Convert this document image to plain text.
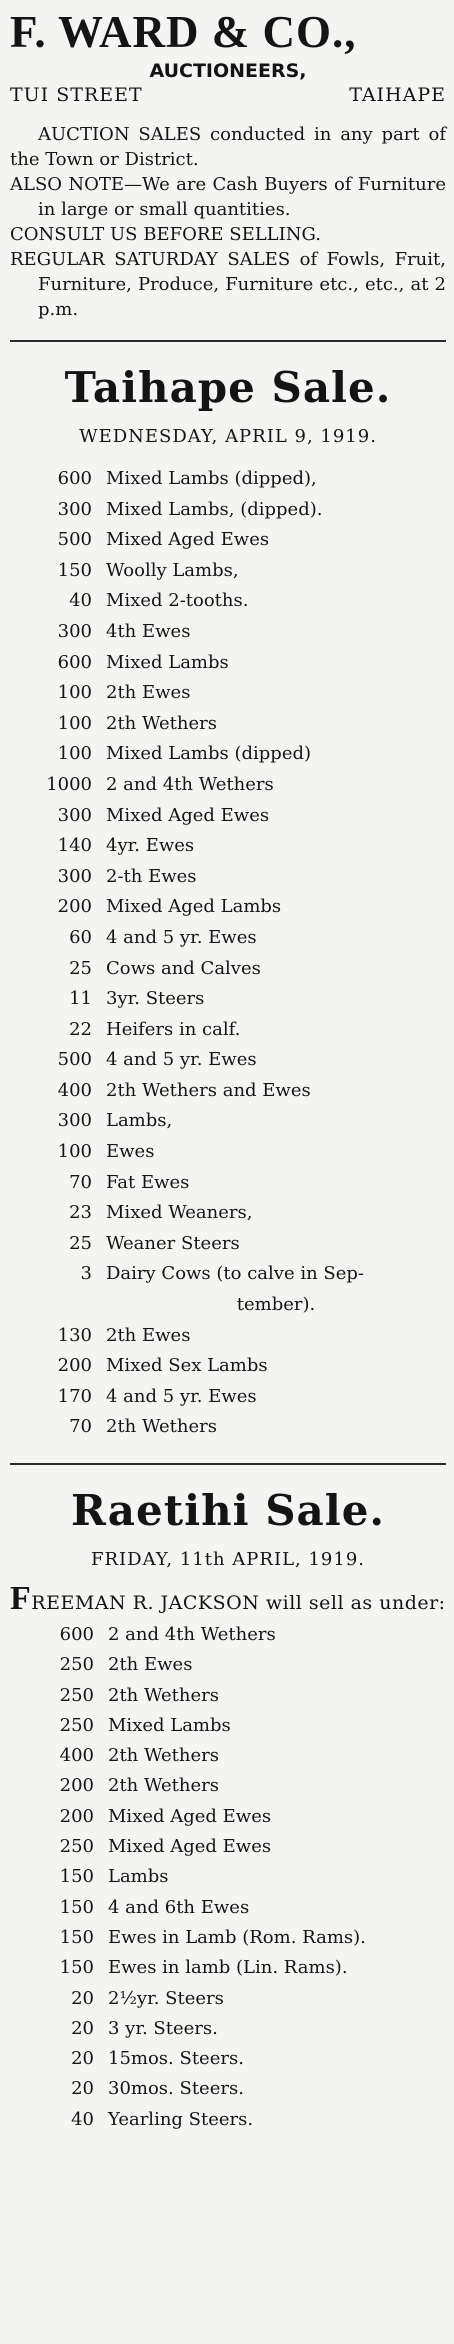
F. WARD & CO.,
AUCTIONEERS,
TUI STREET	TAIHAPE

AUCTION SALES conducted in any part of the Town or District.

ALSO NOTE—We are Cash Buyers of Furniture in large or small quantities.

CONSULT US BEFORE SELLING.

REGULAR SATURDAY SALES of Fowls, Fruit, Furniture, Produce, Furniture etc., etc., at 2 p.m.

Taihape Sale.
WEDNESDAY, APRIL 9, 1919.
600 Mixed Lambs (dipped),
300 Mixed Lambs, (dipped).
500 Mixed Aged Ewes
150 Woolly Lambs,
40 Mixed 2-tooths.
300 4th Ewes
600 Mixed Lambs
100 2th Ewes
100 2th Wethers
100 Mixed Lambs (dipped)
1000 2 and 4th Wethers
300 Mixed Aged Ewes
140 4yr. Ewes
300 2-th Ewes
200 Mixed Aged Lambs
60 4 and 5 yr. Ewes
25 Cows and Calves
11 3yr. Steers
22 Heifers in calf.
500 4 and 5 yr. Ewes
400 2th Wethers and Ewes
300 Lambs,
100 Ewes
70 Fat Ewes
23 Mixed Weaners,
25 Weaner Steers
3 Dairy Cows (to calve in Sep-
tember).
130 2th Ewes
200 Mixed Sex Lambs
170 4 and 5 yr. Ewes
70 2th Wethers
Raetihi Sale.
FRIDAY, 11th APRIL, 1919.
FREEMAN R. JACKSON will sell as under:
600 2 and 4th Wethers
250 2th Ewes
250 2th Wethers
250 Mixed Lambs
400 2th Wethers
200 2th Wethers
200 Mixed Aged Ewes
250 Mixed Aged Ewes
150 Lambs
150 4 and 6th Ewes
150 Ewes in Lamb (Rom. Rams).
150 Ewes in lamb (Lin. Rams).
20 2½yr. Steers
20 3 yr. Steers.
20 15mos. Steers.
20 30mos. Steers.
40 Yearling Steers.
